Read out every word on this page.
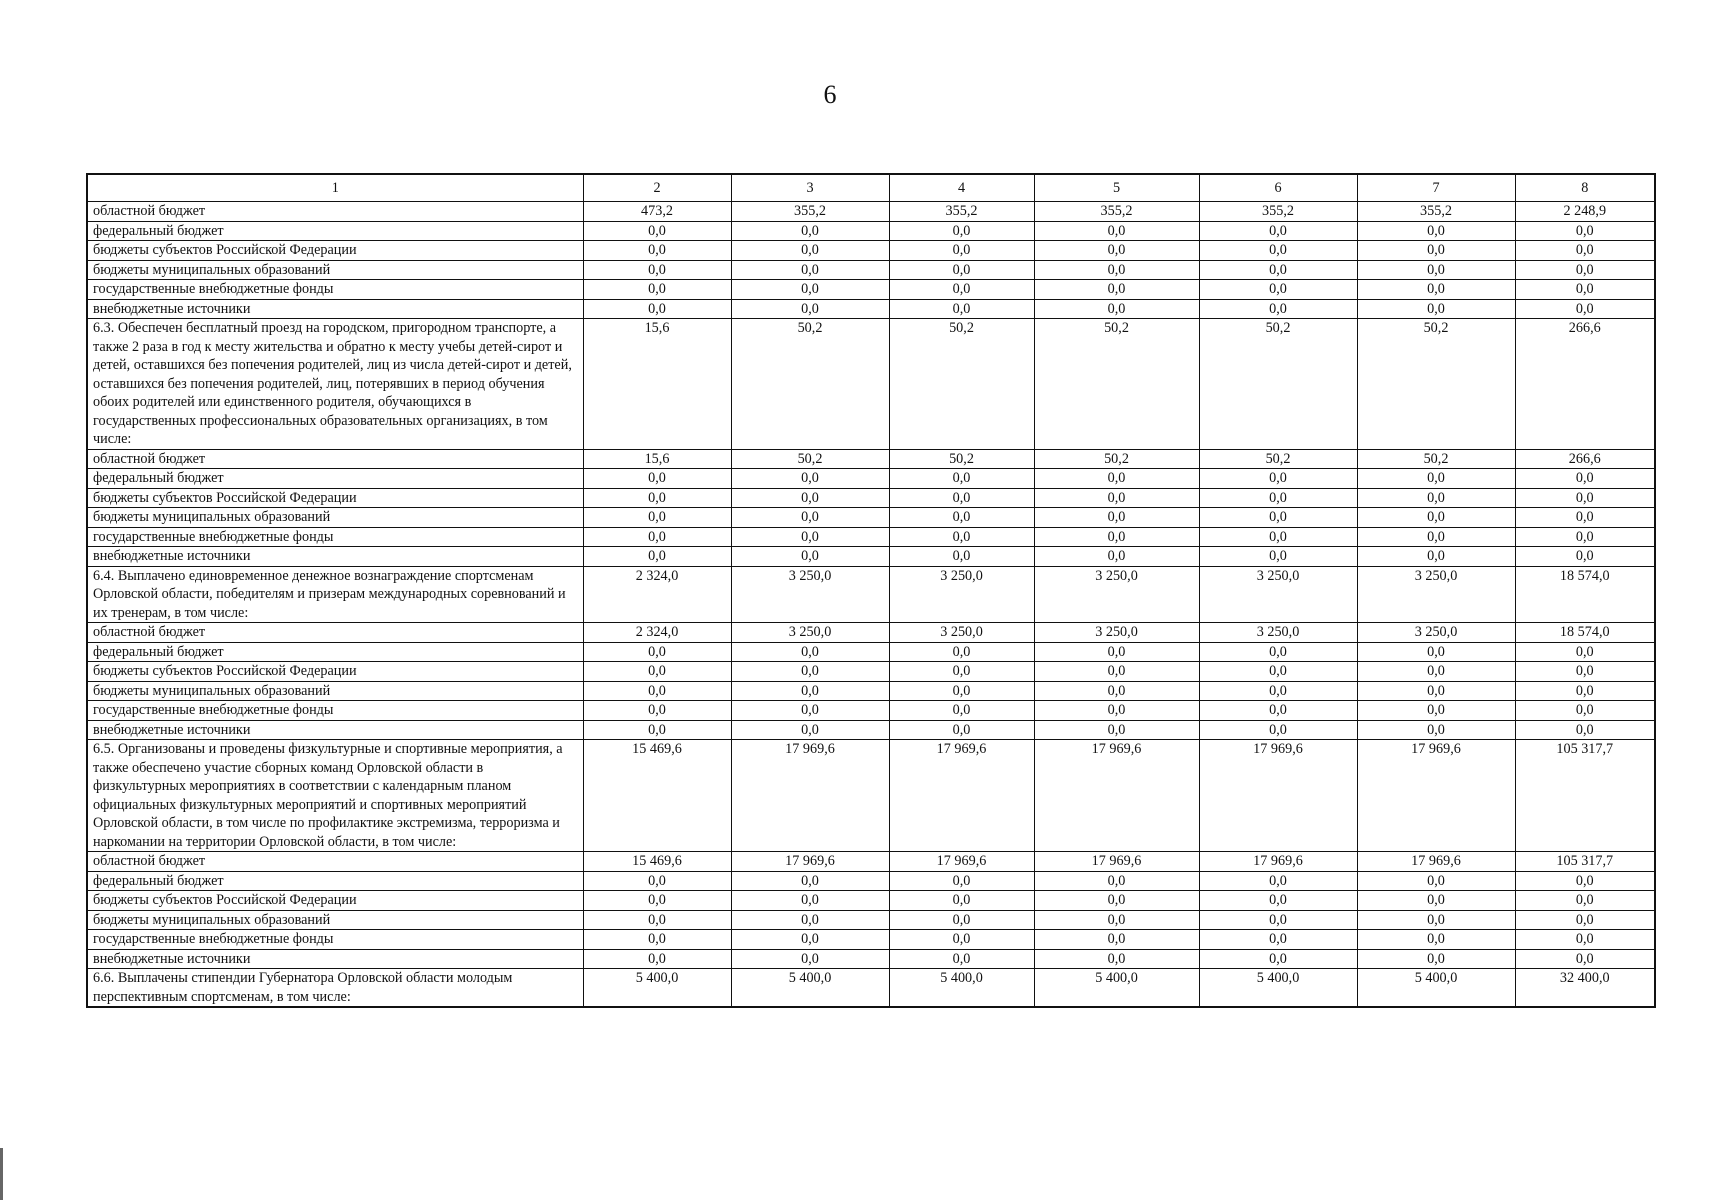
6
1	2	3	4	5	6	7	8
областной бюджет	473,2	355,2	355,2	355,2	355,2	355,2	2 248,9
федеральный бюджет	0,0	0,0	0,0	0,0	0,0	0,0	0,0
бюджеты субъектов Российской Федерации	0,0	0,0	0,0	0,0	0,0	0,0	0,0
бюджеты муниципальных образований	0,0	0,0	0,0	0,0	0,0	0,0	0,0
государственные внебюджетные фонды	0,0	0,0	0,0	0,0	0,0	0,0	0,0
внебюджетные источники	0,0	0,0	0,0	0,0	0,0	0,0	0,0
6.3. Обеспечен бесплатный проезд на городском, пригородном транспорте, а также 2 раза в год к месту жительства и обратно к месту учебы детей-сирот и детей, оставшихся без попечения родителей, лиц из числа детей-сирот и детей, оставшихся без попечения родителей, лиц, потерявших в период обучения обоих родителей или единственного родителя, обучающихся в государственных профессиональных образовательных организациях, в том числе:	15,6	50,2	50,2	50,2	50,2	50,2	266,6
областной бюджет	15,6	50,2	50,2	50,2	50,2	50,2	266,6
федеральный бюджет	0,0	0,0	0,0	0,0	0,0	0,0	0,0
бюджеты субъектов Российской Федерации	0,0	0,0	0,0	0,0	0,0	0,0	0,0
бюджеты муниципальных образований	0,0	0,0	0,0	0,0	0,0	0,0	0,0
государственные внебюджетные фонды	0,0	0,0	0,0	0,0	0,0	0,0	0,0
внебюджетные источники	0,0	0,0	0,0	0,0	0,0	0,0	0,0
6.4. Выплачено единовременное денежное вознаграждение спортсменам Орловской области, победителям и призерам международных соревнований и их тренерам, в том числе:	2 324,0	3 250,0	3 250,0	3 250,0	3 250,0	3 250,0	18 574,0
областной бюджет	2 324,0	3 250,0	3 250,0	3 250,0	3 250,0	3 250,0	18 574,0
федеральный бюджет	0,0	0,0	0,0	0,0	0,0	0,0	0,0
бюджеты субъектов Российской Федерации	0,0	0,0	0,0	0,0	0,0	0,0	0,0
бюджеты муниципальных образований	0,0	0,0	0,0	0,0	0,0	0,0	0,0
государственные внебюджетные фонды	0,0	0,0	0,0	0,0	0,0	0,0	0,0
внебюджетные источники	0,0	0,0	0,0	0,0	0,0	0,0	0,0
6.5. Организованы и проведены физкультурные и спортивные мероприятия, а также обеспечено участие сборных команд Орловской области в физкультурных мероприятиях в соответствии с календарным планом официальных физкультурных мероприятий и спортивных мероприятий Орловской области, в том числе по профилактике экстремизма, терроризма и наркомании на территории Орловской области, в том числе:	15 469,6	17 969,6	17 969,6	17 969,6	17 969,6	17 969,6	105 317,7
областной бюджет	15 469,6	17 969,6	17 969,6	17 969,6	17 969,6	17 969,6	105 317,7
федеральный бюджет	0,0	0,0	0,0	0,0	0,0	0,0	0,0
бюджеты субъектов Российской Федерации	0,0	0,0	0,0	0,0	0,0	0,0	0,0
бюджеты муниципальных образований	0,0	0,0	0,0	0,0	0,0	0,0	0,0
государственные внебюджетные фонды	0,0	0,0	0,0	0,0	0,0	0,0	0,0
внебюджетные источники	0,0	0,0	0,0	0,0	0,0	0,0	0,0
6.6. Выплачены стипендии Губернатора Орловской области молодым перспективным спортсменам, в том числе:	5 400,0	5 400,0	5 400,0	5 400,0	5 400,0	5 400,0	32 400,0
